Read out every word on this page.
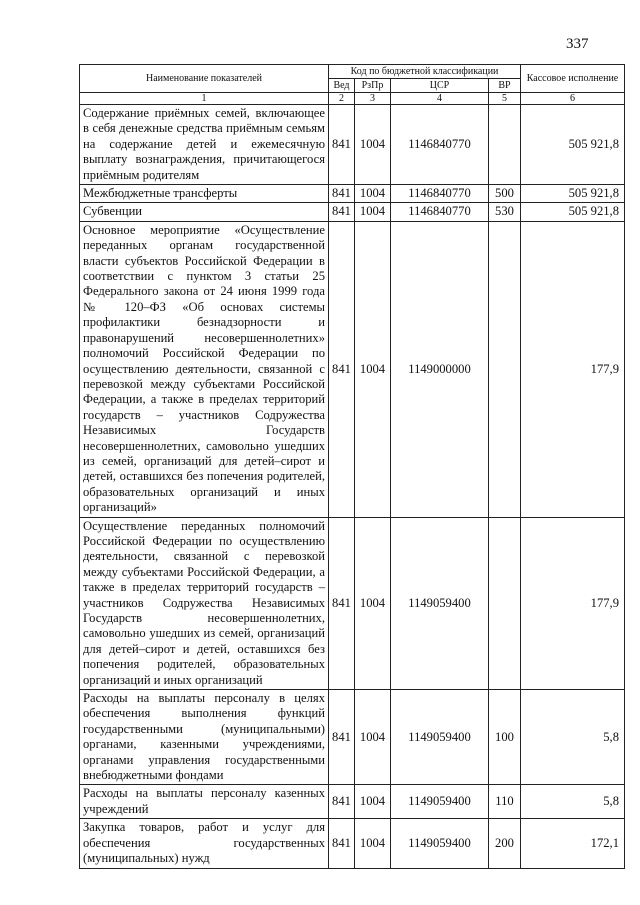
337
Наименование показателей	Код по бюджетной классификации				Кассовое исполнение
	Вед	РзПр	ЦСР	ВР	
1	2	3	4	5	6
Содержание приёмных семей, включающее в себя денежные средства приёмным семьям на содержание детей и ежемесячную выплату вознаграждения, причитающегося приёмным родителям	841	1004	1146840770		505 921,8
Межбюджетные трансферты	841	1004	1146840770	500	505 921,8
Субвенции	841	1004	1146840770	530	505 921,8
Основное мероприятие «Осуществление переданных органам государственной власти субъектов Российской Федерации в соответствии с пунктом 3 статьи 25 Федерального закона от 24 июня 1999 года № 120–ФЗ «Об основах системы профилактики безнадзорности и правонарушений несовершеннолетних» полномочий Российской Федерации по осуществлению деятельности, связанной с перевозкой между субъектами Российской Федерации, а также в пределах территорий государств – участников Содружества Независимых Государств несовершеннолетних, самовольно ушедших из семей, организаций для детей–сирот и детей, оставшихся без попечения родителей, образовательных организаций и иных организаций»	841	1004	1149000000		177,9
Осуществление переданных полномочий Российской Федерации по осуществлению деятельности, связанной с перевозкой между субъектами Российской Федерации, а также в пределах территорий государств – участников Содружества Независимых Государств несовершеннолетних, самовольно ушедших из семей, организаций для детей–сирот и детей, оставшихся без попечения родителей, образовательных организаций и иных организаций	841	1004	1149059400		177,9
Расходы на выплаты персоналу в целях обеспечения выполнения функций государственными (муниципальными) органами, казенными учреждениями, органами управления государственными внебюджетными фондами	841	1004	1149059400	100	5,8
Расходы на выплаты персоналу казенных учреждений	841	1004	1149059400	110	5,8
Закупка товаров, работ и услуг для обеспечения государственных (муниципальных) нужд	841	1004	1149059400	200	172,1
